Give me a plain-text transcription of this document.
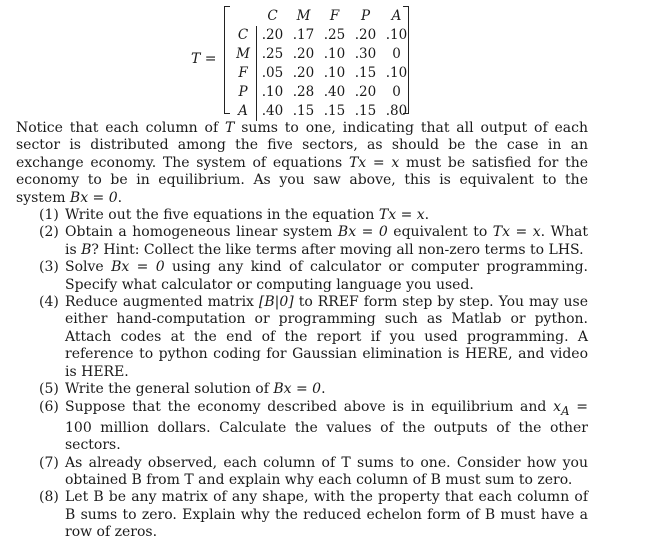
T =
		C	M	F	P	A
C		.20	.17	.25	.20	.10
M		.25	.20	.10	.30	0
F		.05	.20	.10	.15	.10
P		.10	.28	.40	.20	0
A		.40	.15	.15	.15	.80

Notice that each column of T sums to one, indicating that all output of each sector is distributed among the five sectors, as should be the case in an exchange economy. The system of equations Tx = x must be satisfied for the economy to be in equilibrium. As you saw above, this is equivalent to the system Bx = 0.

(1) Write out the five equations in the equation Tx = x.
(2) Obtain a homogeneous linear system Bx = 0 equivalent to Tx = x. What is B? Hint: Collect the like terms after moving all non-zero terms to LHS.
(3) Solve Bx = 0 using any kind of calculator or computer programming. Specify what calculator or computing language you used.
(4) Reduce augmented matrix [B|0] to RREF form step by step. You may use either hand-computation or programming such as Matlab or python. Attach codes at the end of the report if you used programming. A reference to python coding for Gaussian elimination is HERE, and video is HERE.
(5) Write the general solution of Bx = 0.
(6) Suppose that the economy described above is in equilibrium and $x_A = 100$ million dollars. Calculate the values of the outputs of the other sectors.
(7) As already observed, each column of T sums to one. Consider how you obtained B from T and explain why each column of B must sum to zero.
(8) Let B be any matrix of any shape, with the property that each column of B sums to zero. Explain why the reduced echelon form of B must have a row of zeros.
